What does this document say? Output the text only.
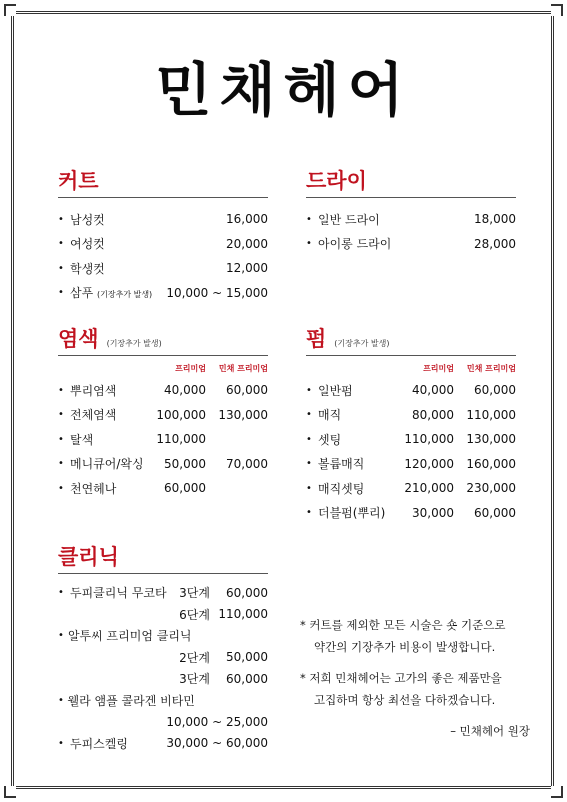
민채헤어
커트
• 남성컷	16,000
• 여성컷	20,000
• 학생컷	12,000
• 삼푸 (기장추가 발생)	10,000 ~ 15,000
드라이
• 일반 드라이	18,000
• 아이롱 드라이	28,000
염색 (기장추가 발생)
프리미엄	민채 프리미엄
• 뿌리염색	40,000	60,000
• 전체염색	100,000	130,000
• 탈색	110,000
• 메니큐어/왁싱	50,000	70,000
• 천연헤나	60,000
펌 (기장추가 발생)
프리미엄	민채 프리미엄
• 일반펌	40,000	60,000
• 매직	80,000	110,000
• 셋팅	110,000	130,000
• 볼륨매직	120,000	160,000
• 매직셋팅	210,000	230,000
• 더블펌(뿌리)	30,000	60,000
클리닉
• 두피클리닉 무코타	3단계	60,000
6단계 110,000
• 알투씨 프리미엄 클리닉
2단계	50,000
3단계	60,000
• 웰라 앰플 콜라겐 비타민
10,000 ~ 25,000
• 두피스켈링	30,000 ~ 60,000

* 커트를 제외한 모든 시술은 숏 기준으로
약간의 기장추가 비용이 발생합니다.

* 저희 민채헤어는 고가의 좋은 제품만을
고집하며 항상 최선을 다하겠습니다.

– 민채헤어 원장
